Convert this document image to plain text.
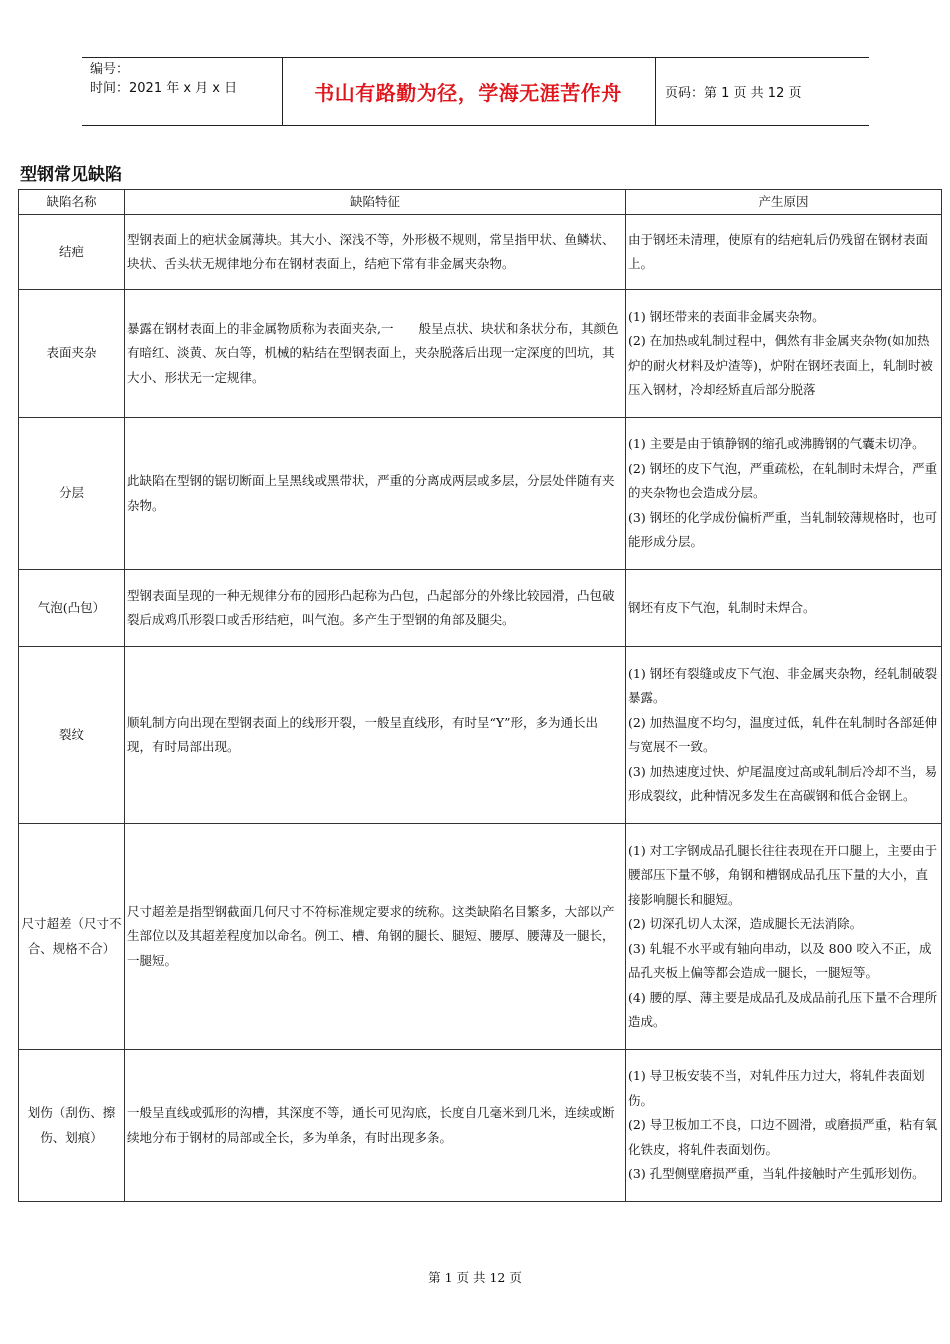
编号：
时间：2021 年 x 月 x 日	书山有路勤为径，学海无涯苦作舟	页码：第 1 页 共 12 页
型钢常见缺陷
缺陷名称	缺陷特征	产生原因
结疤	型钢表面上的疤状金属薄块。其大小、深浅不等，外形极不规则，常呈指甲状、鱼鳞状、块状、舌头状无规律地分布在钢材表面上，结疤下常有非金属夹杂物。	由于钢坯未清理，使原有的结疤轧后仍残留在钢材表面上。

表面夹杂	暴露在钢材表面上的非金属物质称为表面夹杂,一　　般呈点状、块状和条状分布，其颜色有暗红、淡黄、灰白等，机械的粘结在型钢表面上，夹杂脱落后出现一定深度的凹坑，其大小、形状无一定规律。	(1) 钢坯带来的表面非金属夹杂物。
(2) 在加热或轧制过程中，偶然有非金属夹杂物(如加热炉的耐火材料及炉渣等)，炉附在钢坯表面上，轧制时被压入钢材，冷却经矫直后部分脱落

分层	此缺陷在型钢的锯切断面上呈黑线或黑带状，严重的分离成两层或多层，分层处伴随有夹杂物。	(1) 主要是由于镇静钢的缩孔或沸腾钢的气囊未切净。
(2) 钢坯的皮下气泡，严重疏松，在轧制时未焊合，严重的夹杂物也会造成分层。
(3) 钢坯的化学成份偏析严重，当轧制较薄规格时，也可能形成分层。

气泡(凸包）	型钢表面呈现的一种无规律分布的园形凸起称为凸包，凸起部分的外缘比较园滑，凸包破裂后成鸡爪形裂口或舌形结疤，叫气泡。多产生于型钢的角部及腿尖。	钢坯有皮下气泡，轧制时未焊合。

裂纹	顺轧制方向出现在型钢表面上的线形开裂，一般呈直线形，有时呈“Y”形，多为通长出现，有时局部出现。	(1) 钢坯有裂缝或皮下气泡、非金属夹杂物，经轧制破裂暴露。
(2) 加热温度不均匀，温度过低，轧件在轧制时各部延伸与宽展不一致。
(3) 加热速度过快、炉尾温度过高或轧制后冷却不当，易形成裂纹，此种情况多发生在高碳钢和低合金钢上。

尺寸超差（尺寸不合、规格不合）	尺寸超差是指型钢截面几何尺寸不符标准规定要求的统称。这类缺陷名目繁多，大部以产生部位以及其超差程度加以命名。例工、槽、角钢的腿长、腿短、腰厚、腰薄及一腿长，一腿短。	(1) 对工字钢成品孔腿长往往表现在开口腿上，主要由于腰部压下量不够，角钢和槽钢成品孔压下量的大小，直接影响腿长和腿短。
(2) 切深孔切人太深，造成腿长无法消除。
(3) 轧辊不水平或有轴向串动，以及 800 咬入不正，成品孔夹板上偏等都会造成一腿长，一腿短等。
(4) 腰的厚、薄主要是成品孔及成品前孔压下量不合理所造成。

划伤（刮伤、擦伤、划痕）	一般呈直线或弧形的沟槽，其深度不等，通长可见沟底，长度自几毫米到几米，连续或断续地分布于钢材的局部或全长，多为单条，有时出现多条。	(1) 导卫板安装不当，对轧件压力过大，将轧件表面划伤。
(2) 导卫板加工不良，口边不圆滑，或磨损严重，粘有氧化铁皮，将轧件表面划伤。
(3) 孔型侧壁磨损严重，当轧件接触时产生弧形划伤。
第 1 页 共 12 页
